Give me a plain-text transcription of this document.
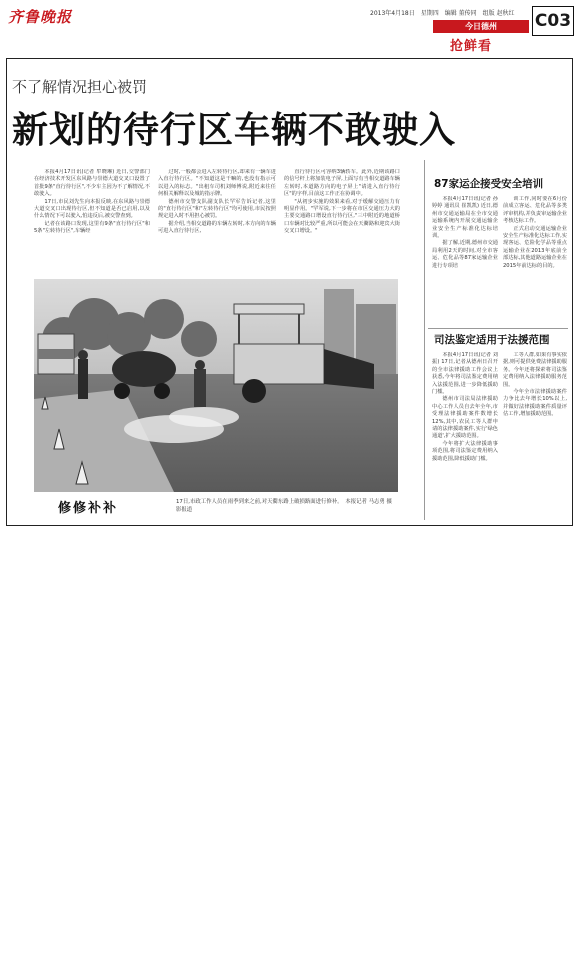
齐鲁晚报	2013年4月18日　星期四　编辑 董传同　组版 赵秋红
今日德州
抢鲜看
C03
不了解情况担心被罚
新划的待行区车辆不敢驶入

本报4月17日讯(记者 牟晓琳) 近日,交警部门在经济技术开发区东风路与崇德大道交叉口设置了首批9条"直行待行区",不少车主因为不了解情况,不敢驶入。

17日,市民刘先生向本报反映,在东风路与崇德大道交叉口出现待行区,但不知道是否已启用,以及什么情况下可以驶入,怕违反后,被交警查到。

记者在该路口发现,这里有9条"直行待行区"和5条"左转待行区",车辆经

过时,一般都会进入左转待行区,却来有一辆车进入直行待行区。"不知道这是干嘛的,也没有指示可以进入的标志。"出租车司机刘师傅说,附近来往任何相关解释以及城的指示牌。

德州市交警支队副支队长罕军告诉记者,这里的"直行待行区"和"左转待行区"均可使用,市民按照规定进入时不用担心被罚。

据介绍,当相交道路的车辆左转时,本方向的车辆可进入直行待行区,

直行待行区可容纳3辆轿车。此外,近期该路口的信号杆上将加装电子屏,上面写有当相交道路车辆左转时,本道路方向的电子屏上"请进入直行待行区"的字样,目前这工作正在协调中。

"从初步实施的效果来看,对于缓解交通压力有明显作用。"罕军说,下一步将在市区交通压力大的主要交通路口增设直行待行区,"三中附近的地道桥口车辆对比较严重,所以可能会在天衢路和迎宾大街交叉口增设。"

87家运企接受安全培训

本报4月17日讯(记者 孙婷婷 通讯员 崔凯凯) 近日,德州市交通运输局在全市交通运输系统内开展交通运输企业安全生产标准化达标培训。

据了解,近期,德州市交通局利用2天的时间,对全市客运、危化品等87家运输企业进行专项培

训工作,同时要在6月份前成立客运、危化品等多类评审机构,并负责审运输企业考核达标工作。

正式启动交通运输企业安全生产标准化达标工作,实现客运、危险化学品等重点运输企业在2013年底前全部达标,其他道路运输企业在2015年前达标的目的。

司法鉴定适用于法援范围

本报4月17日讯(记者 刘振) 17日,记者从德州日召开的全市法律援助工作会议上获悉,今年将司法鉴定费用纳入法援范围,进一步降低援助门槛。

德州市司法局法律援助中心工作人员自去年全年,市受理法律援助案件数增长12%,其中,农民工等人群申请的法律援助案件,实行'绿色通道',扩大援助范围。

今年将扩大法律援助事项范围,将司法鉴定费用纳入援助范围,降低援助门槛。

工等人群,如果有事实依据,则可提供免费法律援助服务。今年还将探索将司法鉴定费用纳入法律援助服务范围。

今年全市法律援助案件力争比去年增长10%以上,并做好法律援助案件质量评估工作,增加援助范围。

修修补补	17日,市政工作人员在雨季到来之前,对天衢东路上破损路面进行修补。　本报记者 马志勇 摄影报道
